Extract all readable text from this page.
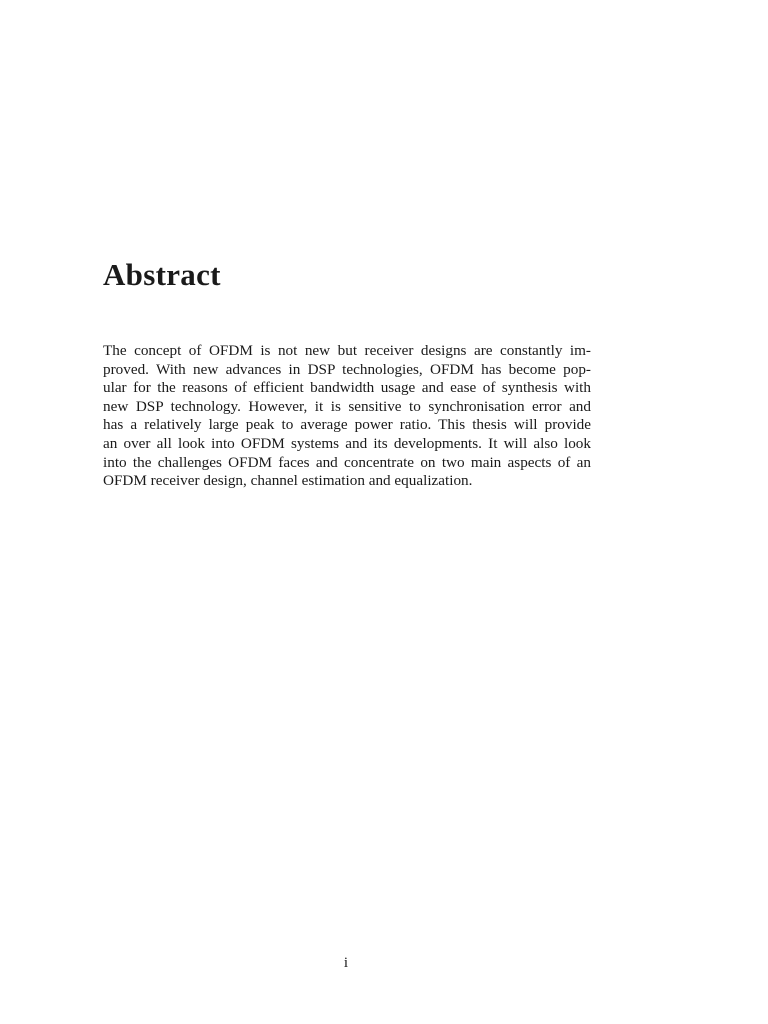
Abstract
The concept of OFDM is not new but receiver designs are constantly im-
proved. With new advances in DSP technologies, OFDM has become pop-
ular for the reasons of efficient bandwidth usage and ease of synthesis with
new DSP technology. However, it is sensitive to synchronisation error and
has a relatively large peak to average power ratio. This thesis will provide
an over all look into OFDM systems and its developments. It will also look
into the challenges OFDM faces and concentrate on two main aspects of an
OFDM receiver design, channel estimation and equalization.
i
